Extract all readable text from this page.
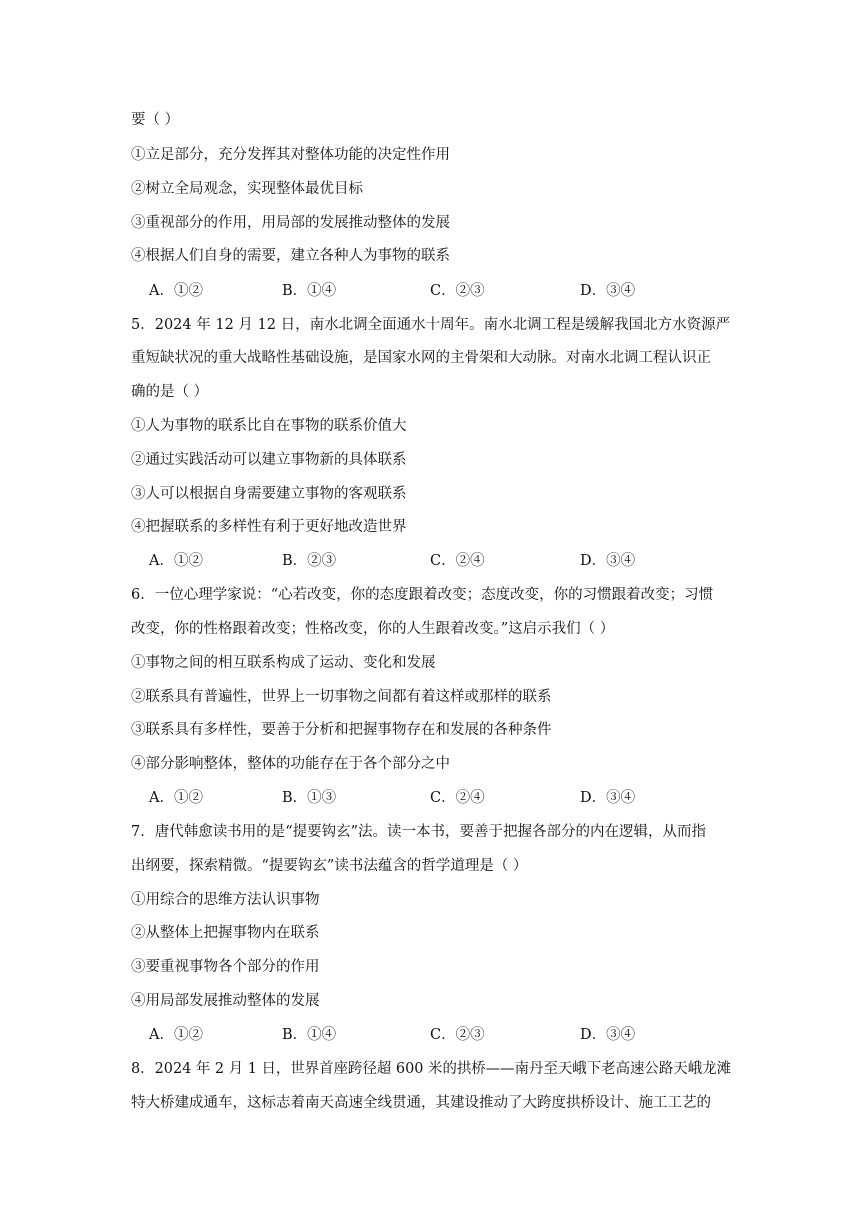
要（ ）
①立足部分，充分发挥其对整体功能的决定性作用
②树立全局观念，实现整体最优目标
③重视部分的作用，用局部的发展推动整体的发展
④根据人们自身的需要，建立各种人为事物的联系
A．①②	B．①④	C．②③	D．③④
5．2024 年 12 月 12 日，南水北调全面通水十周年。南水北调工程是缓解我国北方水资源严
重短缺状况的重大战略性基础设施，是国家水网的主骨架和大动脉。对南水北调工程认识正
确的是（ ）
①人为事物的联系比自在事物的联系价值大
②通过实践活动可以建立事物新的具体联系
③人可以根据自身需要建立事物的客观联系
④把握联系的多样性有利于更好地改造世界
A．①②	B．②③	C．②④	D．③④
6．一位心理学家说：“心若改变，你的态度跟着改变；态度改变，你的习惯跟着改变；习惯
改变，你的性格跟着改变；性格改变，你的人生跟着改变。”这启示我们（ ）
①事物之间的相互联系构成了运动、变化和发展
②联系具有普遍性，世界上一切事物之间都有着这样或那样的联系
③联系具有多样性，要善于分析和把握事物存在和发展的各种条件
④部分影响整体，整体的功能存在于各个部分之中
A．①②	B．①③	C．②④	D．③④
7．唐代韩愈读书用的是“提要钩玄”法。读一本书，要善于把握各部分的内在逻辑，从而指
出纲要，探索精微。“提要钩玄”读书法蕴含的哲学道理是（ ）
①用综合的思维方法认识事物
②从整体上把握事物内在联系
③要重视事物各个部分的作用
④用局部发展推动整体的发展
A．①②	B．①④	C．②③	D．③④
8．2024 年 2 月 1 日，世界首座跨径超 600 米的拱桥——南丹至天峨下老高速公路天峨龙滩
特大桥建成通车，这标志着南天高速全线贯通，其建设推动了大跨度拱桥设计、施工工艺的
